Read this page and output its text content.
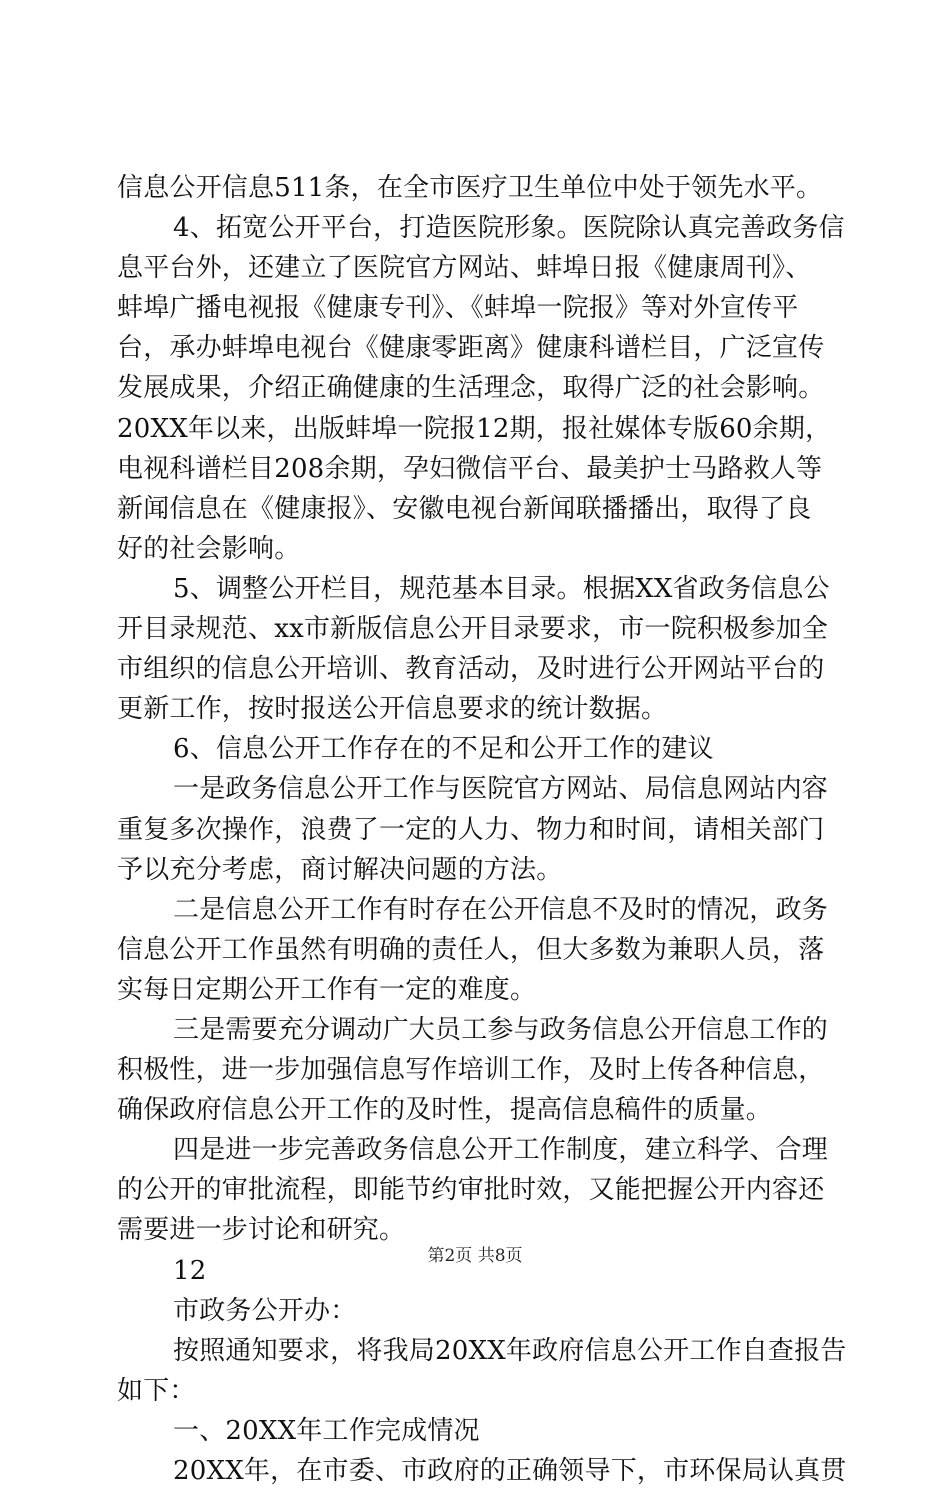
信息公开信息511条，在全市医疗卫生单位中处于领先水平。
4、拓宽公开平台，打造医院形象。医院除认真完善政务信
息平台外，还建立了医院官方网站、蚌埠日报《健康周刊》、
蚌埠广播电视报《健康专刊》、《蚌埠一院报》等对外宣传平
台，承办蚌埠电视台《健康零距离》健康科谱栏目，广泛宣传
发展成果，介绍正确健康的生活理念，取得广泛的社会影响。
20XX年以来，出版蚌埠一院报12期，报社媒体专版60余期，
电视科谱栏目208余期，孕妇微信平台、最美护士马路救人等
新闻信息在《健康报》、安徽电视台新闻联播播出，取得了良
好的社会影响。
5、调整公开栏目，规范基本目录。根据XX省政务信息公
开目录规范、xx市新版信息公开目录要求，市一院积极参加全
市组织的信息公开培训、教育活动，及时进行公开网站平台的
更新工作，按时报送公开信息要求的统计数据。
6、信息公开工作存在的不足和公开工作的建议
一是政务信息公开工作与医院官方网站、局信息网站内容
重复多次操作，浪费了一定的人力、物力和时间，请相关部门
予以充分考虑，商讨解决问题的方法。
二是信息公开工作有时存在公开信息不及时的情况，政务
信息公开工作虽然有明确的责任人，但大多数为兼职人员，落
实每日定期公开工作有一定的难度。
三是需要充分调动广大员工参与政务信息公开信息工作的
积极性，进一步加强信息写作培训工作，及时上传各种信息，
确保政府信息公开工作的及时性，提高信息稿件的质量。
四是进一步完善政务信息公开工作制度，建立科学、合理
的公开的审批流程，即能节约审批时效，又能把握公开内容还
需要进一步讨论和研究。
12
市政务公开办：
按照通知要求，将我局20XX年政府信息公开工作自查报告
如下：
一、20XX年工作完成情况
20XX年，在市委、市政府的正确领导下，市环保局认真贯
第2页 共8页
